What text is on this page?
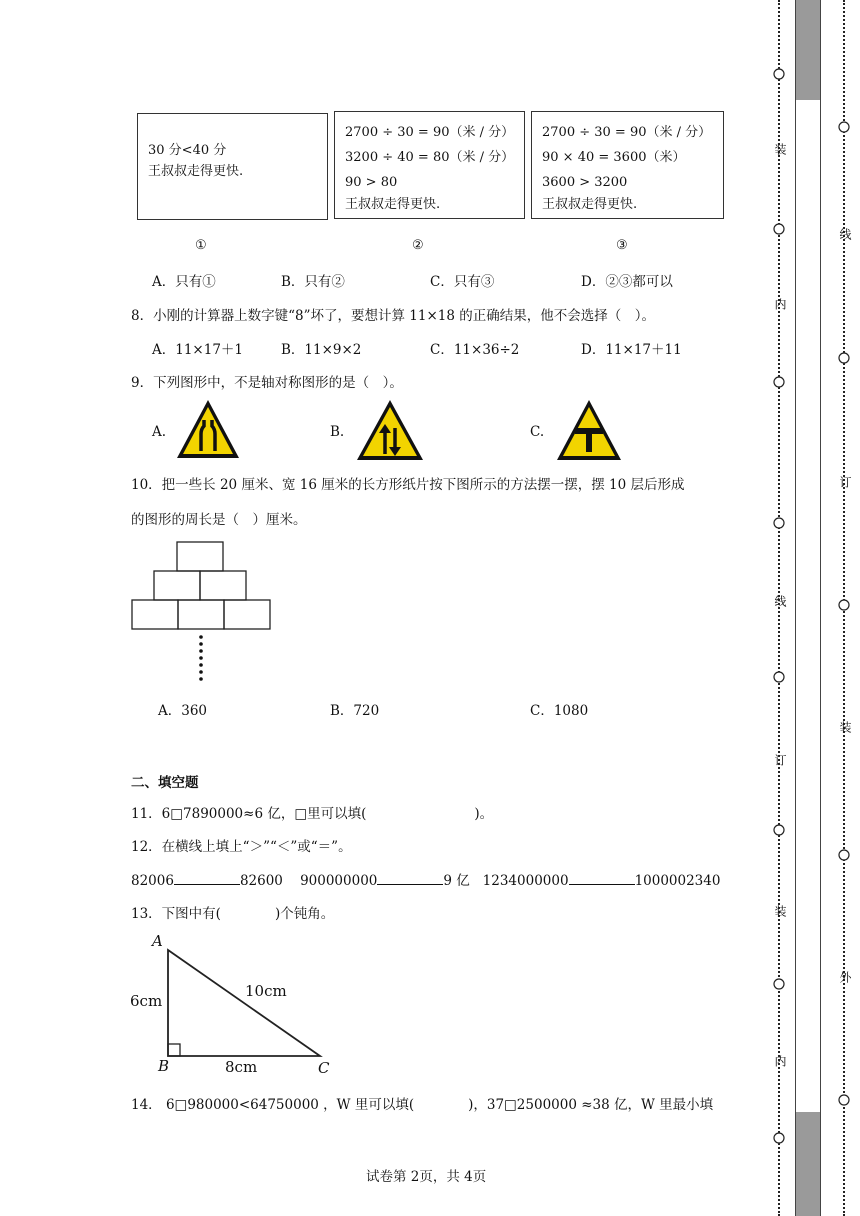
30 分<40 分
王叔叔走得更快.
2700 ÷ 30 = 90（米 / 分）
3200 ÷ 40 = 80（米 / 分）
90 > 80
王叔叔走得更快.
2700 ÷ 30 = 90（米 / 分）
90 × 40 = 3600（米）
3600 > 3200
王叔叔走得更快.
①	②	③
A．只有①	B．只有②	C．只有③	D．②③都可以
8．小刚的计算器上数字键“8”坏了，要想计算 11×18 的正确结果，他不会选择（　）。
A．11×17＋1	B．11×9×2	C．11×36÷2	D．11×17＋11
9．下列图形中，不是轴对称图形的是（　）。
A.	B.	C.
10．把一些长 20 厘米、宽 16 厘米的长方形纸片按下图所示的方法摆一摆，摆 10 层后形成
的图形的周长是（　）厘米。
A．360	B．720	C．1080
二、填空题
11．6□7890000≈6 亿，□里可以填(　　　　　　　　)。
12．在横线上填上“＞”“＜”或“＝”。
82006	82600 900000000	9 亿 1234000000	1000002340
13．下图中有(　　　　)个钝角。
A
B	C
6cm
10cm
8cm
14． 6□980000<64750000 ，W 里可以填(　　　　)，37□2500000 ≈38 亿，W 里最小填
试卷第 2页，共 4页
装
内
订
线
装
内
线
订
装
外
